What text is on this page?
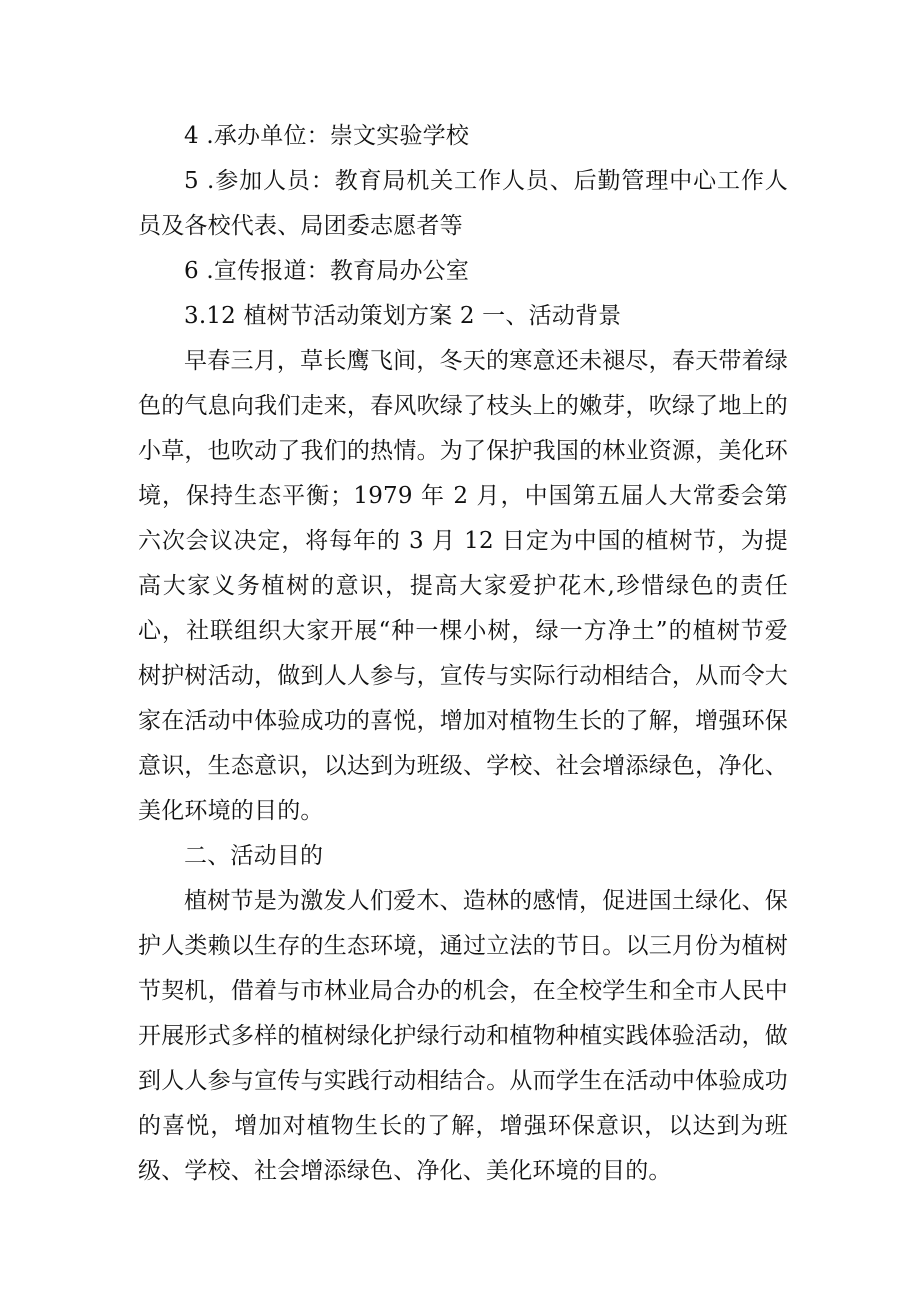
4 .承办单位：崇文实验学校

5 .参加人员：教育局机关工作人员、后勤管理中心工作人员及各校代表、局团委志愿者等

6 .宣传报道：教育局办公室

3.12 植树节活动策划方案 2 一、活动背景

早春三月，草长鹰飞间，冬天的寒意还未褪尽，春天带着绿色的气息向我们走来，春风吹绿了枝头上的嫩芽，吹绿了地上的小草，也吹动了我们的热情。为了保护我国的林业资源，美化环境，保持生态平衡；1979 年 2 月，中国第五届人大常委会第六次会议决定，将每年的 3 月 12 日定为中国的植树节，为提高大家义务植树的意识，提高大家爱护花木,珍惜绿色的责任心，社联组织大家开展“种一棵小树，绿一方净土”的植树节爱树护树活动，做到人人参与，宣传与实际行动相结合，从而令大家在活动中体验成功的喜悦，增加对植物生长的了解，增强环保意识，生态意识，以达到为班级、学校、社会增添绿色，净化、美化环境的目的。

二、活动目的

植树节是为激发人们爱木、造林的感情，促进国土绿化、保护人类赖以生存的生态环境，通过立法的节日。以三月份为植树节契机，借着与市林业局合办的机会，在全校学生和全市人民中开展形式多样的植树绿化护绿行动和植物种植实践体验活动，做到人人参与宣传与实践行动相结合。从而学生在活动中体验成功的喜悦，增加对植物生长的了解，增强环保意识，以达到为班级、学校、社会增添绿色、净化、美化环境的目的。
